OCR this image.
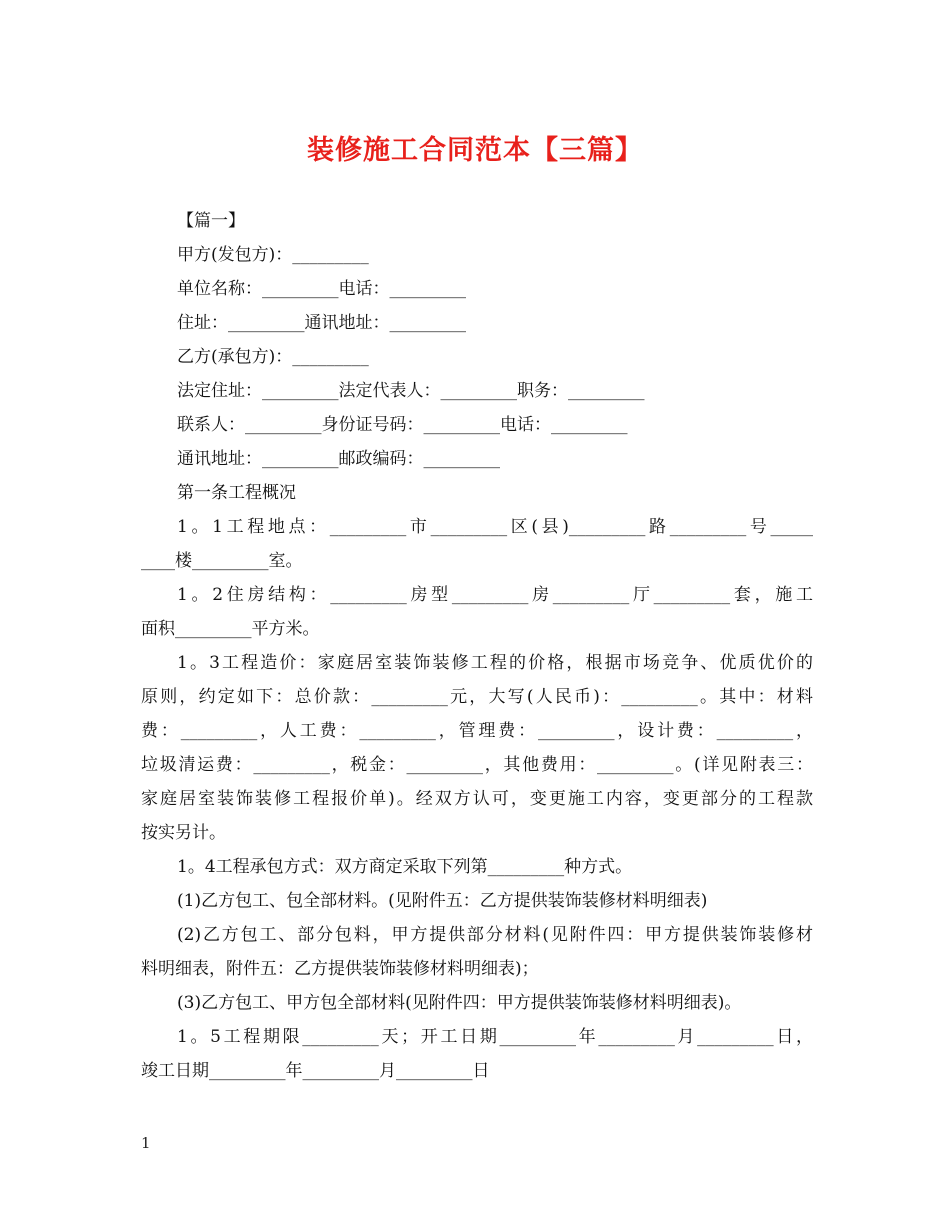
装修施工合同范本【三篇】
【篇一】
甲方(发包方)：_________
单位名称：_________电话：_________
住址：_________通讯地址：_________
乙方(承包方)：_________
法定住址：_________法定代表人：_________职务：_________
联系人：_________身份证号码：_________电话：_________
通讯地址：_________邮政编码：_________
第一条工程概况
1。1工程地点：_________市_________区(县)_________路_________号_____
____楼_________室。
1。2住房结构：_________房型_________房_________厅_________套，施工
面积_________平方米。
1。3工程造价：家庭居室装饰装修工程的价格，根据市场竞争、优质优价的
原则，约定如下：总价款：_________元，大写(人民币)：_________。其中：材料
费：_________，人工费：_________，管理费：_________，设计费：_________，
垃圾清运费：_________，税金：_________，其他费用：_________。(详见附表三：
家庭居室装饰装修工程报价单)。经双方认可，变更施工内容，变更部分的工程款
按实另计。
1。4工程承包方式：双方商定采取下列第_________种方式。
(1)乙方包工、包全部材料。(见附件五：乙方提供装饰装修材料明细表)
(2)乙方包工、部分包料，甲方提供部分材料(见附件四：甲方提供装饰装修材
料明细表，附件五：乙方提供装饰装修材料明细表)；
(3)乙方包工、甲方包全部材料(见附件四：甲方提供装饰装修材料明细表)。
1。5工程期限_________天；开工日期_________年_________月_________日，
竣工日期_________年_________月_________日
1
